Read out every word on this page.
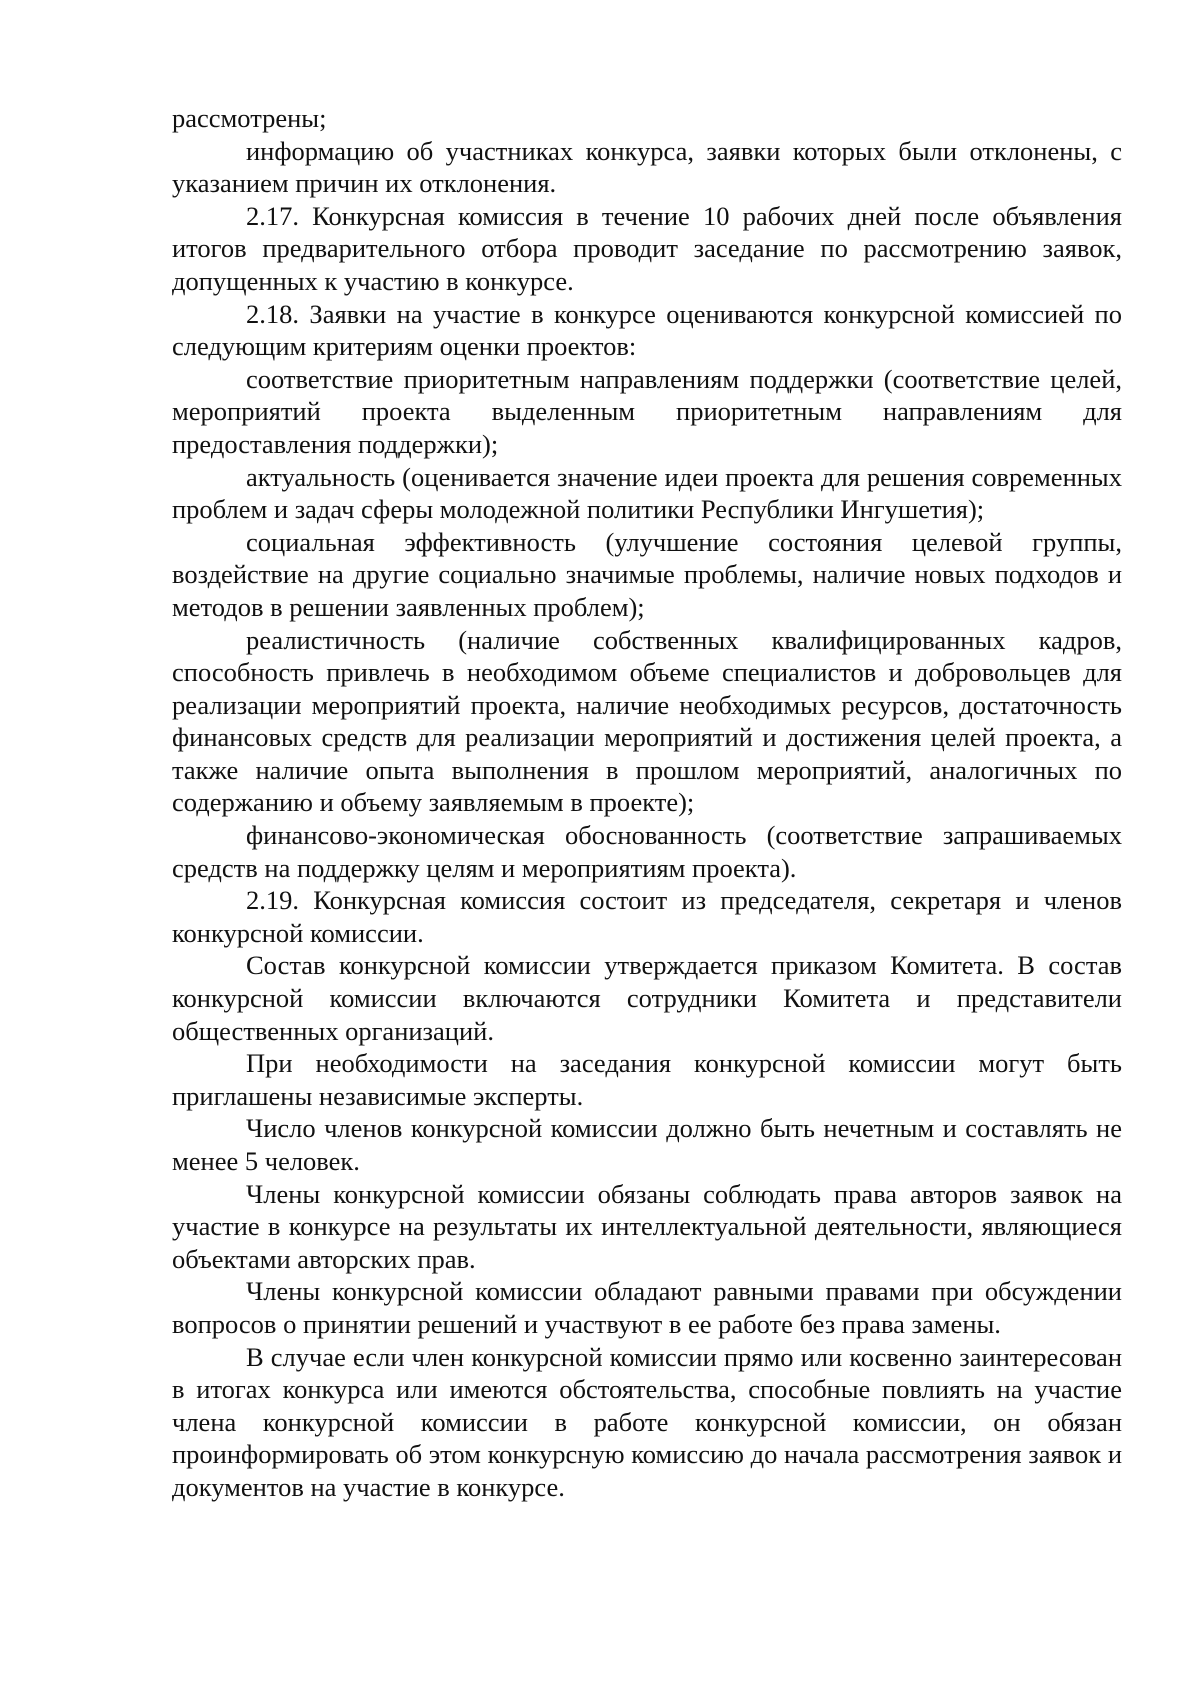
рассмотрены;

информацию об участниках конкурса, заявки которых были отклонены, с указанием причин их отклонения.

2.17. Конкурсная комиссия в течение 10 рабочих дней после объявления итогов предварительного отбора проводит заседание по рассмотрению заявок, допущенных к участию в конкурсе.

2.18. Заявки на участие в конкурсе оцениваются конкурсной комиссией по следующим критериям оценки проектов:

соответствие приоритетным направлениям поддержки (соответствие целей, мероприятий проекта выделенным приоритетным направлениям для предоставления поддержки);

актуальность (оценивается значение идеи проекта для решения современных проблем и задач сферы молодежной политики Республики Ингушетия);

социальная эффективность (улучшение состояния целевой группы, воздействие на другие социально значимые проблемы, наличие новых подходов и методов в решении заявленных проблем);

реалистичность (наличие собственных квалифицированных кадров, способность привлечь в необходимом объеме специалистов и добровольцев для реализации мероприятий проекта, наличие необходимых ресурсов, достаточность финансовых средств для реализации мероприятий и достижения целей проекта, а также наличие опыта выполнения в прошлом мероприятий, аналогичных по содержанию и объему заявляемым в проекте);

финансово-экономическая обоснованность (соответствие запрашиваемых средств на поддержку целям и мероприятиям проекта).

2.19. Конкурсная комиссия состоит из председателя, секретаря и членов конкурсной комиссии.

Состав конкурсной комиссии утверждается приказом Комитета. В состав конкурсной комиссии включаются сотрудники Комитета и представители общественных организаций.

При необходимости на заседания конкурсной комиссии могут быть приглашены независимые эксперты.

Число членов конкурсной комиссии должно быть нечетным и составлять не менее 5 человек.

Члены конкурсной комиссии обязаны соблюдать права авторов заявок на участие в конкурсе на результаты их интеллектуальной деятельности, являющиеся объектами авторских прав.

Члены конкурсной комиссии обладают равными правами при обсуждении вопросов о принятии решений и участвуют в ее работе без права замены.

В случае если член конкурсной комиссии прямо или косвенно заинтересован в итогах конкурса или имеются обстоятельства, способные повлиять на участие члена конкурсной комиссии в работе конкурсной комиссии, он обязан проинформировать об этом конкурсную комиссию до начала рассмотрения заявок и документов на участие в конкурсе.
